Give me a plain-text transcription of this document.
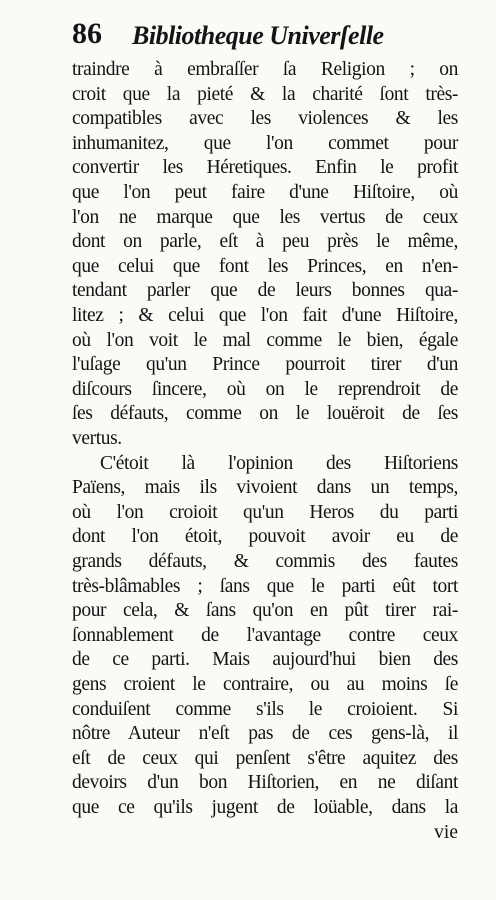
86 Bibliotheque Univerſelle
traindre à embraſſer ſa Religion ; on
croit que la pieté & la charité ſont très-
compatibles avec les violences & les
inhumanitez, que l'on commet pour
convertir les Héretiques. Enfin le profit
que l'on peut faire d'une Hiſtoire, où
l'on ne marque que les vertus de ceux
dont on parle, eſt à peu près le même,
que celui que font les Princes, en n'en-
tendant parler que de leurs bonnes qua-
litez ; & celui que l'on fait d'une Hiſtoire,
où l'on voit le mal comme le bien, égale
l'uſage qu'un Prince pourroit tirer d'un
diſcours ſincere, où on le reprendroit de
ſes défauts, comme on le louëroit de ſes
vertus.
C'étoit là l'opinion des Hiſtoriens
Païens, mais ils vivoient dans un temps,
où l'on croioit qu'un Heros du parti
dont l'on étoit, pouvoit avoir eu de
grands défauts, & commis des fautes
très-blâmables ; ſans que le parti eût tort
pour cela, & ſans qu'on en pût tirer rai-
ſonnablement de l'avantage contre ceux
de ce parti. Mais aujourd'hui bien des
gens croient le contraire, ou au moins ſe
conduiſent comme s'ils le croioient. Si
nôtre Auteur n'eſt pas de ces gens-là, il
eſt de ceux qui penſent s'être aquitez des
devoirs d'un bon Hiſtorien, en ne diſant
que ce qu'ils jugent de loüable, dans la
vie
